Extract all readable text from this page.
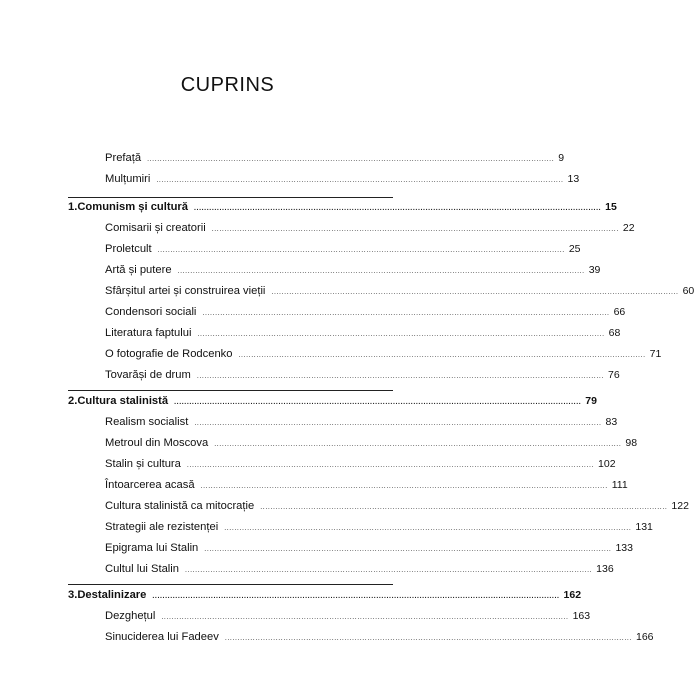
CUPRINS
Prefață ................................................................................................................................................................ 9
Mulțumiri ................................................................................................................................................................ 13
1. Comunism și cultură ................................................................................................................................................................ 15
Comisarii și creatorii ................................................................................................................................................................ 22
Proletcult ................................................................................................................................................................ 25
Artă și putere ................................................................................................................................................................ 39
Sfârșitul artei și construirea vieții ................................................................................................................................................................ 60
Condensori sociali ................................................................................................................................................................ 66
Literatura faptului ................................................................................................................................................................ 68
O fotografie de Rodcenko ................................................................................................................................................................ 71
Tovarăși de drum ................................................................................................................................................................ 76
2. Cultura stalinistă ................................................................................................................................................................ 79
Realism socialist ................................................................................................................................................................ 83
Metroul din Moscova ................................................................................................................................................................ 98
Stalin și cultura ................................................................................................................................................................ 102
Întoarcerea acasă ................................................................................................................................................................ 111
Cultura stalinistă ca mitocrație ................................................................................................................................................................ 122
Strategii ale rezistenței ................................................................................................................................................................ 131
Epigrama lui Stalin ................................................................................................................................................................ 133
Cultul lui Stalin ................................................................................................................................................................ 136
3. Destalinizare ................................................................................................................................................................ 162
Dezghețul ................................................................................................................................................................ 163
Sinuciderea lui Fadeev ................................................................................................................................................................ 166
